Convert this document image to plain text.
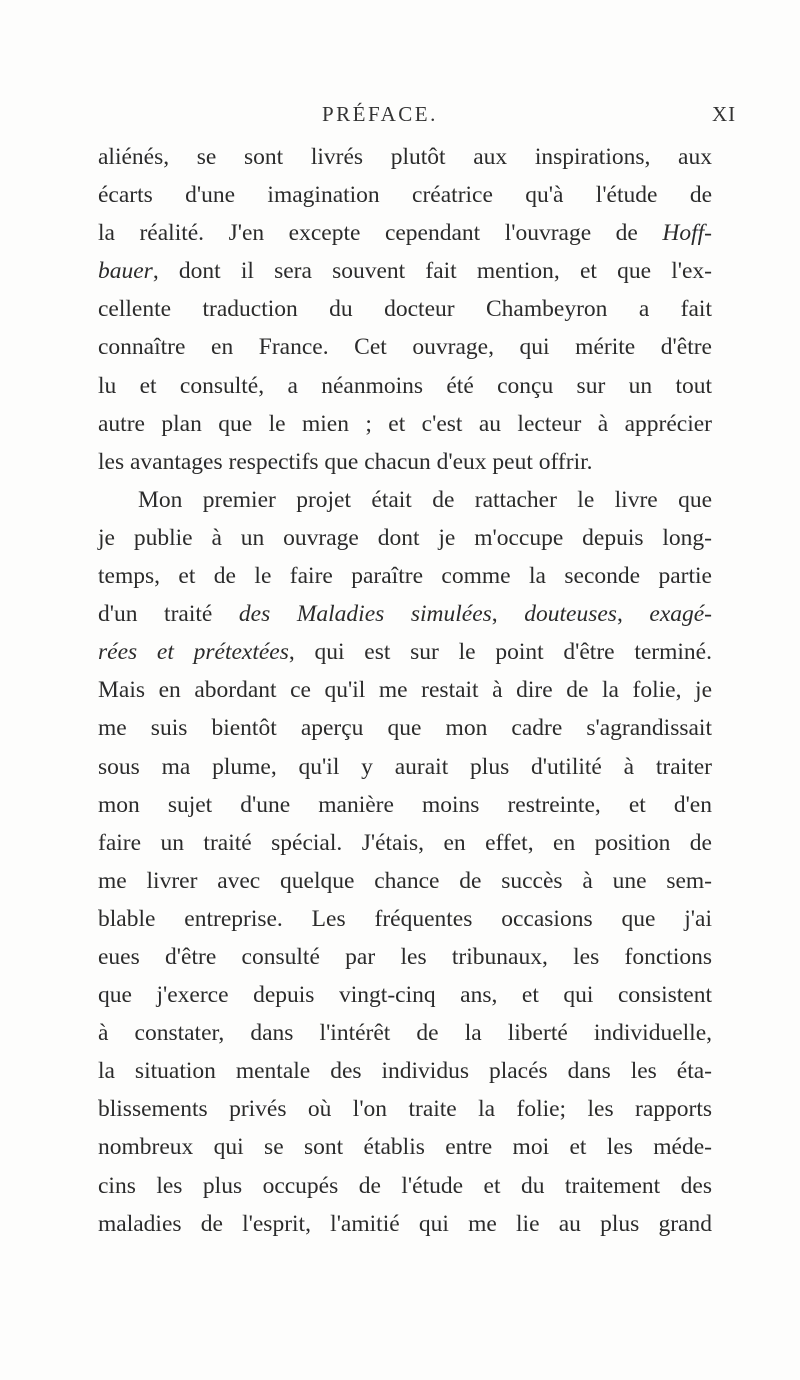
PRÉFACE.	XI
aliénés, se sont livrés plutôt aux inspirations, aux
écarts d'une imagination créatrice qu'à l'étude de
la réalité. J'en excepte cependant l'ouvrage de Hoff-
bauer, dont il sera souvent fait mention, et que l'ex-
cellente traduction du docteur Chambeyron a fait
connaître en France. Cet ouvrage, qui mérite d'être
lu et consulté, a néanmoins été conçu sur un tout
autre plan que le mien ; et c'est au lecteur à apprécier
les avantages respectifs que chacun d'eux peut offrir.
Mon premier projet était de rattacher le livre que
je publie à un ouvrage dont je m'occupe depuis long-
temps, et de le faire paraître comme la seconde partie
d'un traité des Maladies simulées, douteuses, exagé-
rées et prétextées, qui est sur le point d'être terminé.
Mais en abordant ce qu'il me restait à dire de la folie, je
me suis bientôt aperçu que mon cadre s'agrandissait
sous ma plume, qu'il y aurait plus d'utilité à traiter
mon sujet d'une manière moins restreinte, et d'en
faire un traité spécial. J'étais, en effet, en position de
me livrer avec quelque chance de succès à une sem-
blable entreprise. Les fréquentes occasions que j'ai
eues d'être consulté par les tribunaux, les fonctions
que j'exerce depuis vingt-cinq ans, et qui consistent
à constater, dans l'intérêt de la liberté individuelle,
la situation mentale des individus placés dans les éta-
blissements privés où l'on traite la folie; les rapports
nombreux qui se sont établis entre moi et les méde-
cins les plus occupés de l'étude et du traitement des
maladies de l'esprit, l'amitié qui me lie au plus grand
